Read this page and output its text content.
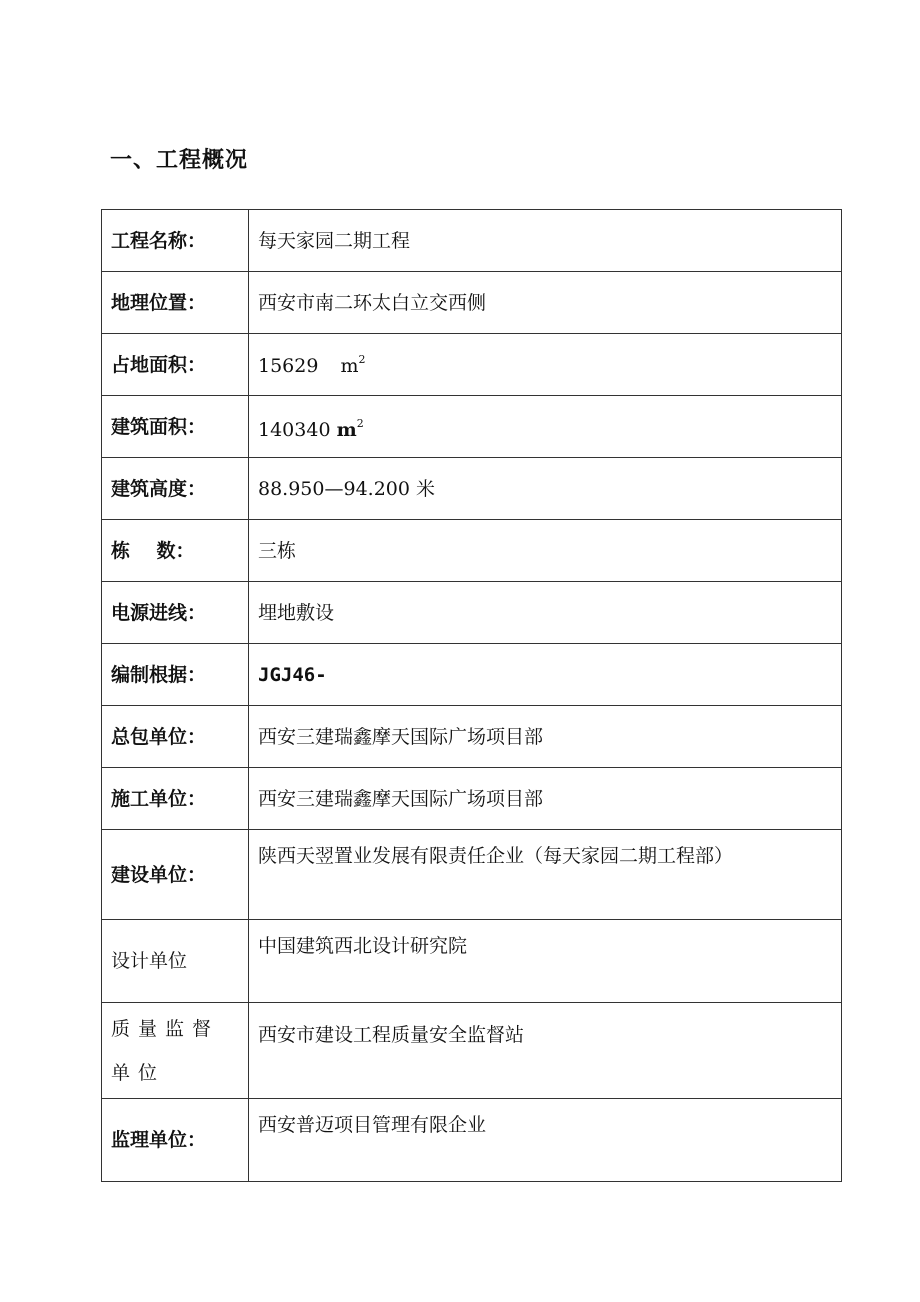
一、工程概况
工程名称：	每天家园二期工程
地理位置：	西安市南二环太白立交西侧
占地面积：	15629 $m^2$
建筑面积：	140340 $m^2$
建筑高度：	88.950—94.200 米
栋    数：	三栋
电源进线：	埋地敷设
编制根据：	JGJ46-
总包单位：	西安三建瑞鑫摩天国际广场项目部
施工单位：	西安三建瑞鑫摩天国际广场项目部
建设单位：	陕西天翌置业发展有限责任企业（每天家园二期工程部）
设计单位	中国建筑西北设计研究院
质量监督单位	西安市建设工程质量安全监督站
监理单位：	西安普迈项目管理有限企业
